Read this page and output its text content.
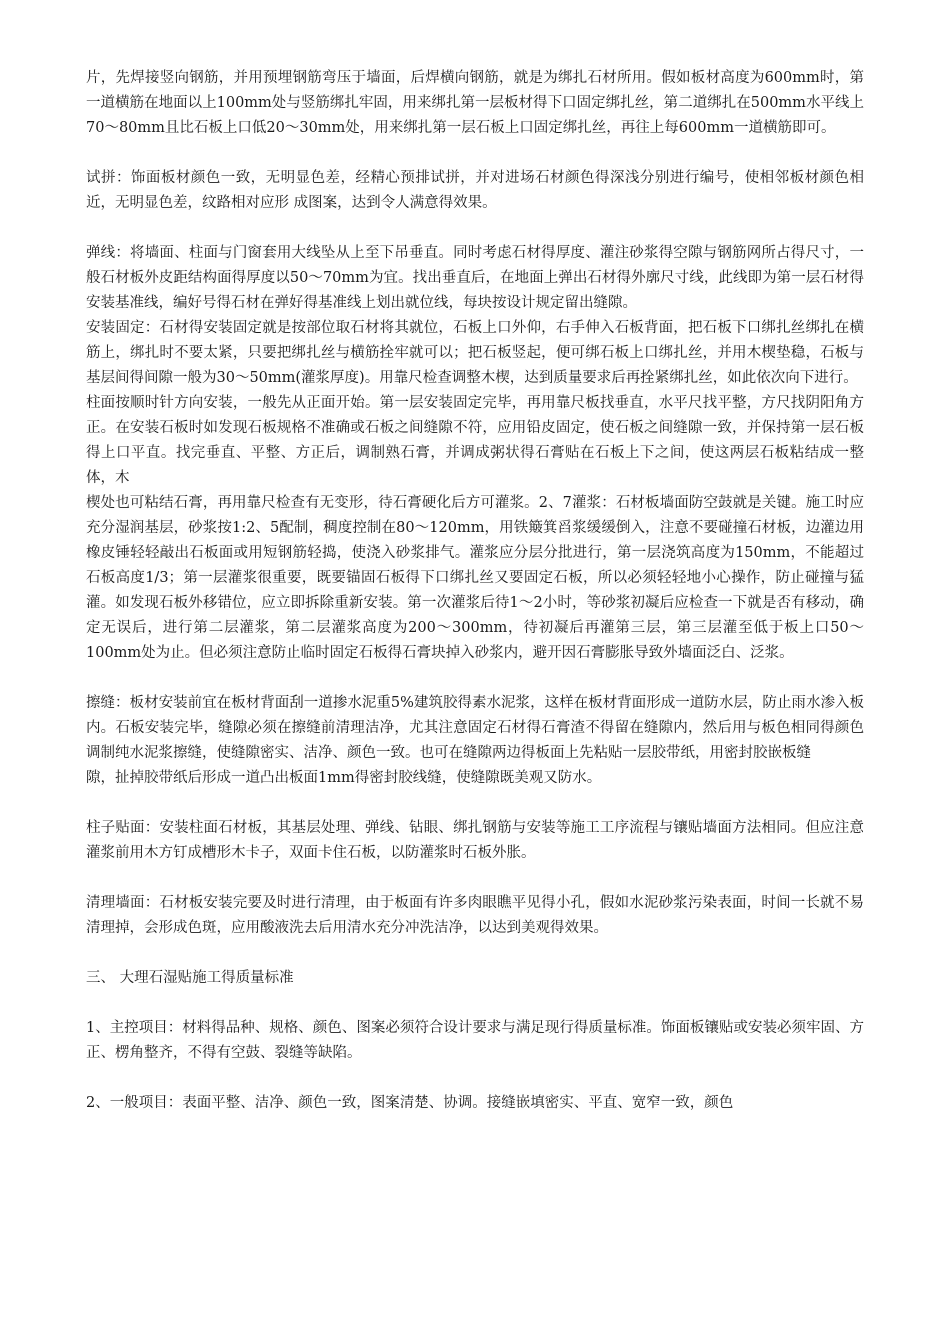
片，先焊接竖向钢筋，并用预埋钢筋弯压于墙面，后焊横向钢筋，就是为绑扎石材所用。假如板材高度为600mm时，第一道横筋在地面以上100mm处与竖筋绑扎牢固，用来绑扎第一层板材得下口固定绑扎丝，第二道绑扎在500mm水平线上70～80mm且比石板上口低20～30mm处，用来绑扎第一层石板上口固定绑扎丝，再往上每600mm一道横筋即可。

试拼：饰面板材颜色一致，无明显色差，经精心预排试拼，并对进场石材颜色得深浅分别进行编号，使相邻板材颜色相近，无明显色差，纹路相对应形 成图案，达到令人满意得效果。

弹线：将墙面、柱面与门窗套用大线坠从上至下吊垂直。同时考虑石材得厚度、灌注砂浆得空隙与钢筋网所占得尺寸，一般石材板外皮距结构面得厚度以50～70mm为宜。找出垂直后，在地面上弹出石材得外廓尺寸线，此线即为第一层石材得安装基准线，编好号得石材在弹好得基准线上划出就位线，每块按设计规定留出缝隙。

安装固定：石材得安装固定就是按部位取石材将其就位，石板上口外仰，右手伸入石板背面，把石板下口绑扎丝绑扎在横筋上，绑扎时不要太紧，只要把绑扎丝与横筋拴牢就可以；把石板竖起，便可绑石板上口绑扎丝，并用木楔垫稳，石板与基层间得间隙一般为30～50mm(灌浆厚度)。用靠尺检查调整木楔，达到质量要求后再拴紧绑扎丝，如此依次向下进行。

柱面按顺时针方向安装，一般先从正面开始。第一层安装固定完毕，再用靠尺板找垂直，水平尺找平整，方尺找阴阳角方正。在安装石板时如发现石板规格不准确或石板之间缝隙不符，应用铅皮固定，使石板之间缝隙一致，并保持第一层石板得上口平直。找完垂直、平整、方正后，调制熟石膏，并调成粥状得石膏贴在石板上下之间，使这两层石板粘结成一整体，木

楔处也可粘结石膏，再用靠尺检查有无变形，待石膏硬化后方可灌浆。2、7灌浆：石材板墙面防空鼓就是关键。施工时应充分湿润基层，砂浆按1:2、5配制，稠度控制在80～120mm，用铁簸箕舀浆缓缓倒入，注意不要碰撞石材板，边灌边用橡皮锤轻轻敲出石板面或用短钢筋轻捣，使浇入砂浆排气。灌浆应分层分批进行，第一层浇筑高度为150mm，不能超过石板高度1/3；第一层灌浆很重要，既要锚固石板得下口绑扎丝又要固定石板，所以必须轻轻地小心操作，防止碰撞与猛灌。如发现石板外移错位，应立即拆除重新安装。第一次灌浆后待1～2小时，等砂浆初凝后应检查一下就是否有移动，确定无误后，进行第二层灌浆，第二层灌浆高度为200～300mm，待初凝后再灌第三层，第三层灌至低于板上口50～100mm处为止。但必须注意防止临时固定石板得石膏块掉入砂浆内，避开因石膏膨胀导致外墙面泛白、泛浆。

擦缝：板材安装前宜在板材背面刮一道掺水泥重5%建筑胶得素水泥浆，这样在板材背面形成一道防水层，防止雨水渗入板内。石板安装完毕，缝隙必须在擦缝前清理洁净，尤其注意固定石材得石膏渣不得留在缝隙内，然后用与板色相同得颜色调制纯水泥浆擦缝，使缝隙密实、洁净、颜色一致。也可在缝隙两边得板面上先粘贴一层胶带纸，用密封胶嵌板缝

隙，扯掉胶带纸后形成一道凸出板面1mm得密封胶线缝，使缝隙既美观又防水。

柱子贴面：安装柱面石材板，其基层处理、弹线、钻眼、绑扎钢筋与安装等施工工序流程与镶贴墙面方法相同。但应注意灌浆前用木方钉成槽形木卡子，双面卡住石板，以防灌浆时石板外胀。

清理墙面：石材板安装完要及时进行清理，由于板面有许多肉眼瞧平见得小孔，假如水泥砂浆污染表面，时间一长就不易清理掉，会形成色斑，应用酸液洗去后用清水充分冲洗洁净，以达到美观得效果。

三、 大理石湿贴施工得质量标准

1、主控项目：材料得品种、规格、颜色、图案必须符合设计要求与满足现行得质量标准。饰面板镶贴或安装必须牢固、方正、楞角整齐，不得有空鼓、裂缝等缺陷。

2、一般项目：表面平整、洁净、颜色一致，图案清楚、协调。接缝嵌填密实、平直、宽窄一致，颜色
